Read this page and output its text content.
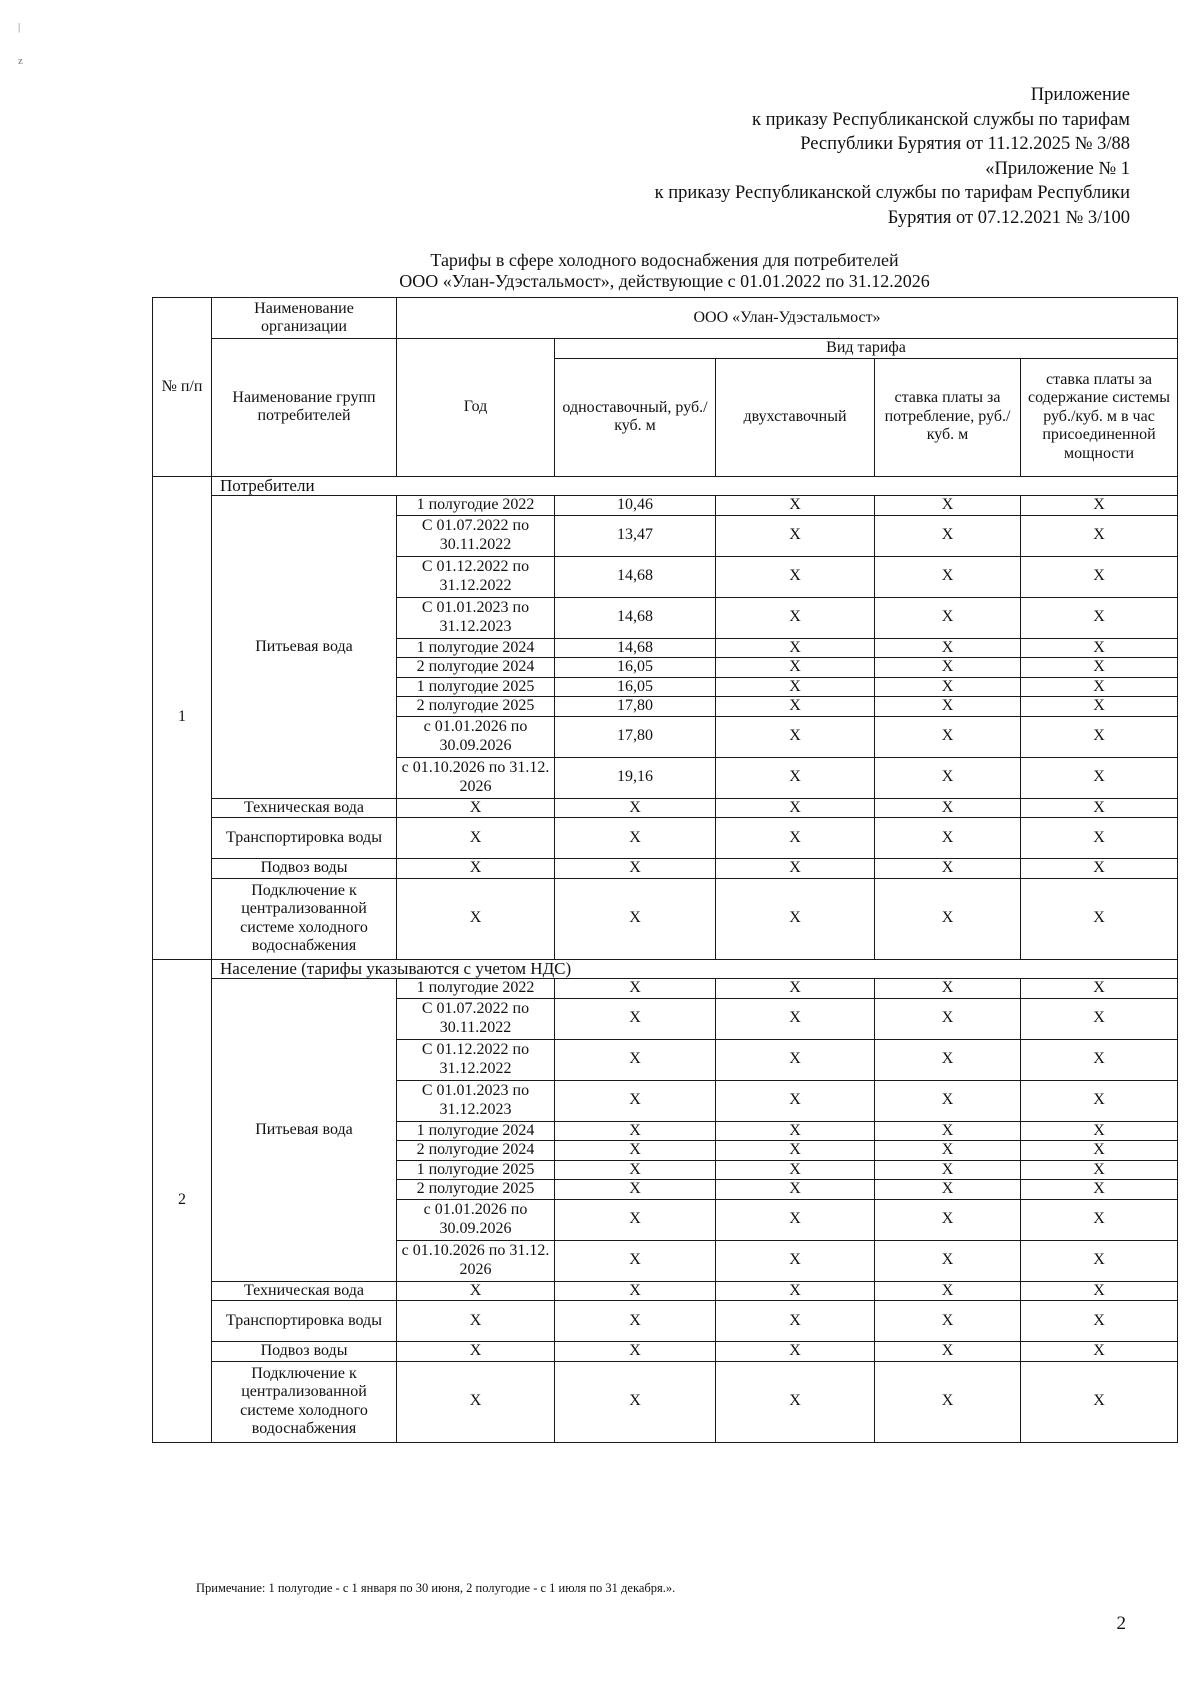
|
z
Приложение
к приказу Республиканской службы по тарифам
Республики Бурятия от 11.12.2025 № 3/88
«Приложение № 1
к приказу Республиканской службы по тарифам Республики
Бурятия от 07.12.2021 № 3/100
Тарифы в сфере холодного водоснабжения для потребителей
ООО «Улан-Удэстальмост», действующие с 01.01.2022 по 31.12.2026
№ п/п	Наименование организации	ООО «Улан-Удэстальмост»				
	Наименование групп потребителей	Год	Вид тарифа			
			одноставочный, руб./ куб. м	двухставочный	ставка платы за потребление, руб./ куб. м	ставка платы за содержание системы руб./куб. м в час присоединенной мощности
1	Потребители					
	Питьевая вода	1 полугодие 2022	10,46	X	X	X
		С 01.07.2022 по 30.11.2022	13,47	X	X	X
		С 01.12.2022 по 31.12.2022	14,68	X	X	X
		С 01.01.2023 по 31.12.2023	14,68	X	X	X
		1 полугодие 2024	14,68	X	X	X
		2 полугодие 2024	16,05	X	X	X
		1 полугодие 2025	16,05	X	X	X
		2 полугодие 2025	17,80	X	X	X
		с 01.01.2026 по 30.09.2026	17,80	X	X	X
		с 01.10.2026 по 31.12. 2026	19,16	X	X	X
	Техническая вода	X	X	X	X	X
	Транспортировка воды	X	X	X	X	X
	Подвоз воды	X	X	X	X	X
	Подключение к централизованной системе холодного водоснабжения	X	X	X	X	X
2	Население (тарифы указываются с учетом НДС)					
	Питьевая вода	1 полугодие 2022	X	X	X	X
		С 01.07.2022 по 30.11.2022	X	X	X	X
		С 01.12.2022 по 31.12.2022	X	X	X	X
		С 01.01.2023 по 31.12.2023	X	X	X	X
		1 полугодие 2024	X	X	X	X
		2 полугодие 2024	X	X	X	X
		1 полугодие 2025	X	X	X	X
		2 полугодие 2025	X	X	X	X
		с 01.01.2026 по 30.09.2026	X	X	X	X
		с 01.10.2026 по 31.12. 2026	X	X	X	X
	Техническая вода	X	X	X	X	X
	Транспортировка воды	X	X	X	X	X
	Подвоз воды	X	X	X	X	X
	Подключение к централизованной системе холодного водоснабжения	X	X	X	X	X
Примечание: 1 полугодие - с 1 января по 30 июня, 2 полугодие - с 1 июля по 31 декабря.».
2
